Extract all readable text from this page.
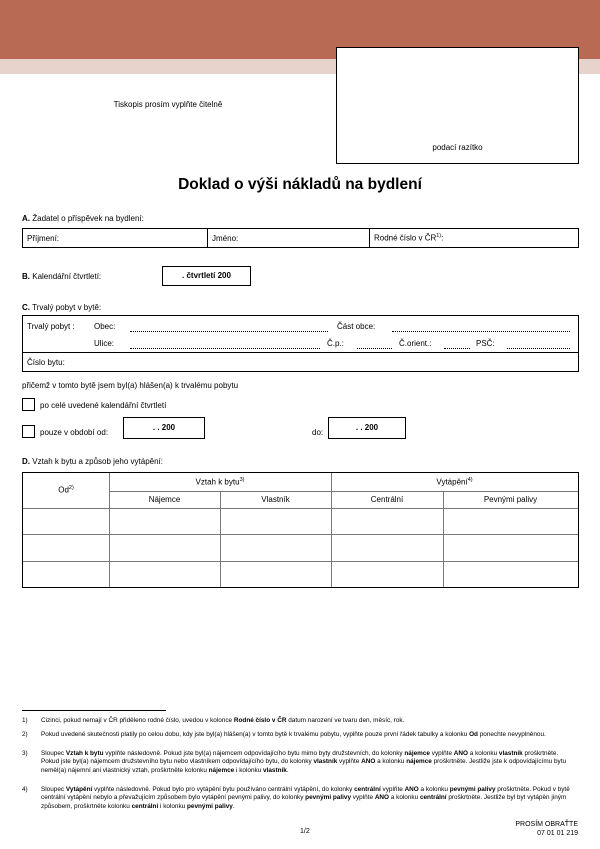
Tiskopis prosím vyplňte čitelně
podací razítko
Doklad o výši nákladů na bydlení
A. Žadatel o příspěvek na bydlení:
Příjmení:	Jméno:	Rodné číslo v ČR$^{1)}$:
B. Kalendářní čtvrtletí:	. čtvrtletí 200
C. Trvalý pobyt v bytě:
Trvalý pobyt : Obec:	Část obce:
Ulice:	Č.p.:	Č.orient.:	PSČ:
Číslo bytu:
přičemž v tomto bytě jsem byl(a) hlášen(a) k trvalému pobytu
po celé uvedené kalendářní čtvrtletí
pouze v období od:
. . 200
do:
. . 200
D. Vztah k bytu a způsob jeho vytápění:
Od$^{2)}$
Vztah k bytu$^{3)}$	Vytápění$^{4)}$
Nájemce	Vlastník	Centrální	Pevnými palivy
1) Cizinci, pokud nemají v ČR přiděleno rodné číslo, uvedou v kolonce Rodné číslo v ČR datum narození ve tvaru den, měsíc, rok.
2) Pokud uvedené skutečnosti platily po celou dobu, kdy jste byl(a) hlášen(a) v tomto bytě k trvalému pobytu, vyplňte pouze první řádek tabulky a kolonku Od ponechte nevyplněnou.
3) Sloupec Vztah k bytu vyplňte následovně. Pokud jste byl(a) nájemcem odpovídajícího bytu mimo byty družstevních, do kolonky nájemce vyplňte ANO a kolonku vlastník proškrtněte. Pokud jste byl(a) nájemcem družstevního bytu nebo vlastníkem odpovídajícího bytu, do kolonky vlastník vyplňte ANO a kolonku nájemce proškrtněte. Jestliže jste k odpovídajícímu bytu neměl(a) nájemní ani vlastnický vztah, proškrtněte kolonku nájemce i kolonku vlastník.
4) Sloupec Vytápění vyplňte následovně. Pokud bylo pro vytápění bytu používáno centrální vytápění, do kolonky centrální vyplňte ANO a kolonku pevnými palivy proškrtněte. Pokud v bytě centrální vytápění nebylo a převažujícím způsobem bylo vytápění pevnými palivy, do kolonky pevnými palivy vyplňte ANO a kolonku centrální proškrtněte. Jestliže byl byt vytápěn jiným způsobem, proškrtněte kolonku centrální i kolonku pevnými palivy.
1/2
PROSÍM OBRAŤTE
07 01 01 219
